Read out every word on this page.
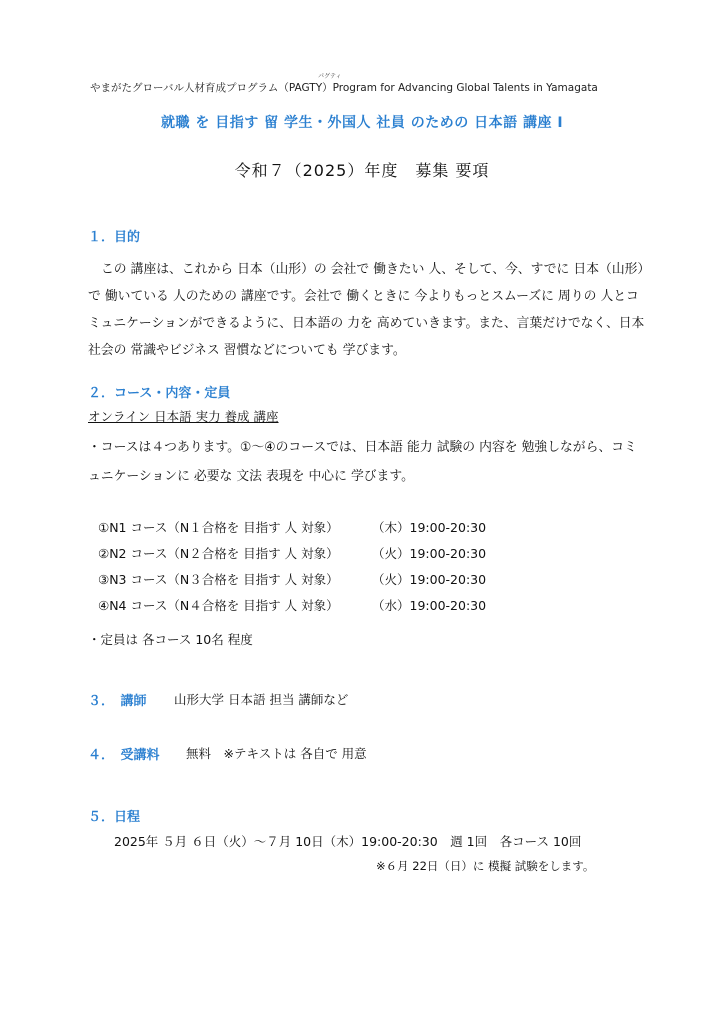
やまがたグローバル人材育成プログラム（PAGTY）Program for Advancing Global Talents in Yamagata
パグティ
就職 を 目指す 留 学生・外国人 社員 のための 日本語 講座 Ⅰ
令和７（2025）年度　募集 要項
１．目的
この 講座は、これから 日本（山形）の 会社で 働きたい 人、そして、今、すでに 日本（山形）で 働いている 人のための 講座です。会社で 働くときに 今よりもっとスムーズに 周りの 人とコミュニケーションができるように、日本語の 力を 高めていきます。また、言葉だけでなく、日本 社会の 常識やビジネス 習慣などについても 学びます。
２．コース・内容・定員
オンライン 日本語 実力 養成 講座
・コースは４つあります。①～④のコースでは、日本語 能力 試験の 内容を 勉強しながら、コミュニケーションに 必要な 文法 表現を 中心に 学びます。
①N1 コース（N１合格を 目指す 人 対象）	（木）19:00-20:30
②N2 コース（N２合格を 目指す 人 対象）	（火）19:00-20:30
③N3 コース（N３合格を 目指す 人 対象）	（火）19:00-20:30
④N4 コース（N４合格を 目指す 人 対象）	（水）19:00-20:30
・定員は 各コース 10名 程度
３．　講師 山形大学 日本語 担当 講師など
４．　受講料 無料　※テキストは 各自で 用意
５．日程
2025年 ５月 ６日（火）～７月 10日（木）19:00-20:30　週 1回　各コース 10回
※６月 22日（日）に 模擬 試験をします。
